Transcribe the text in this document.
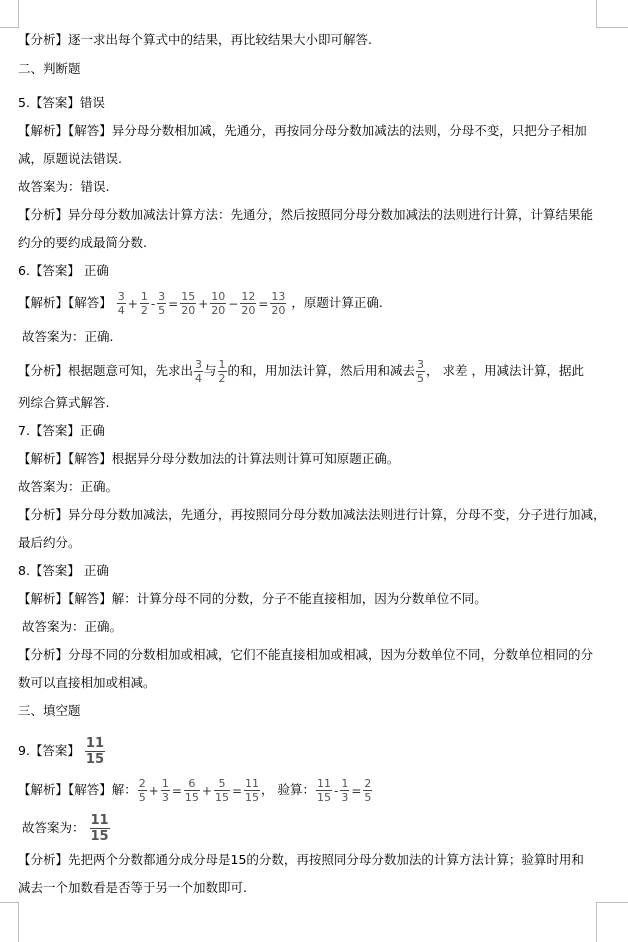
【分析】逐一求出每个算式中的结果，再比较结果大小即可解答.
二、判断题
5.【答案】错误
【解析】【解答】异分母分数相加减，先通分，再按同分母分数加减法的法则，分母不变，只把分子相加
减，原题说法错误.
故答案为：错误.
【分析】异分母分数加减法计算方法：先通分，然后按照同分母分数加减法的法则进行计算，计算结果能
约分的要约成最简分数.
6.【答案】 正确
【解析】【解答】 $\frac{3}{4} + \frac{1}{2} - \frac{3}{5} = \frac{15}{20} + \frac{10}{20} - \frac{12}{20} = \frac{13}{20}$ ，原题计算正确.
故答案为：正确.
【分析】根据题意可知，先求出 $\frac{3}{4}$ 与 $\frac{1}{2}$ 的和，用加法计算，然后用和减去 $\frac{3}{5}$ ， 求差 ，用减法计算，据此
列综合算式解答.
7.【答案】正确
【解析】【解答】根据异分母分数加法的计算法则计算可知原题正确。
故答案为：正确。
【分析】异分母分数加减法，先通分，再按照同分母分数加减法法则进行计算，分母不变，分子进行加减，
最后约分。
8.【答案】 正确
【解析】【解答】解：计算分母不同的分数，分子不能直接相加，因为分数单位不同。
故答案为：正确。
【分析】分母不同的分数相加或相减，它们不能直接相加或相减，因为分数单位不同，分数单位相同的分
数可以直接相加或相减。
三、填空题
9.【答案】 $\frac{11}{15}$
【解析】【解答】解： $\frac{2}{5} + \frac{1}{3} = \frac{6}{15} + \frac{5}{15} = \frac{11}{15}$ ， 验算： $\frac{11}{15} - \frac{1}{3} = \frac{2}{5}$
故答案为： $\frac{11}{15}$
【分析】先把两个分数都通分成分母是15的分数，再按照同分母分数加法的计算方法计算；验算时用和
减去一个加数看是否等于另一个加数即可.
